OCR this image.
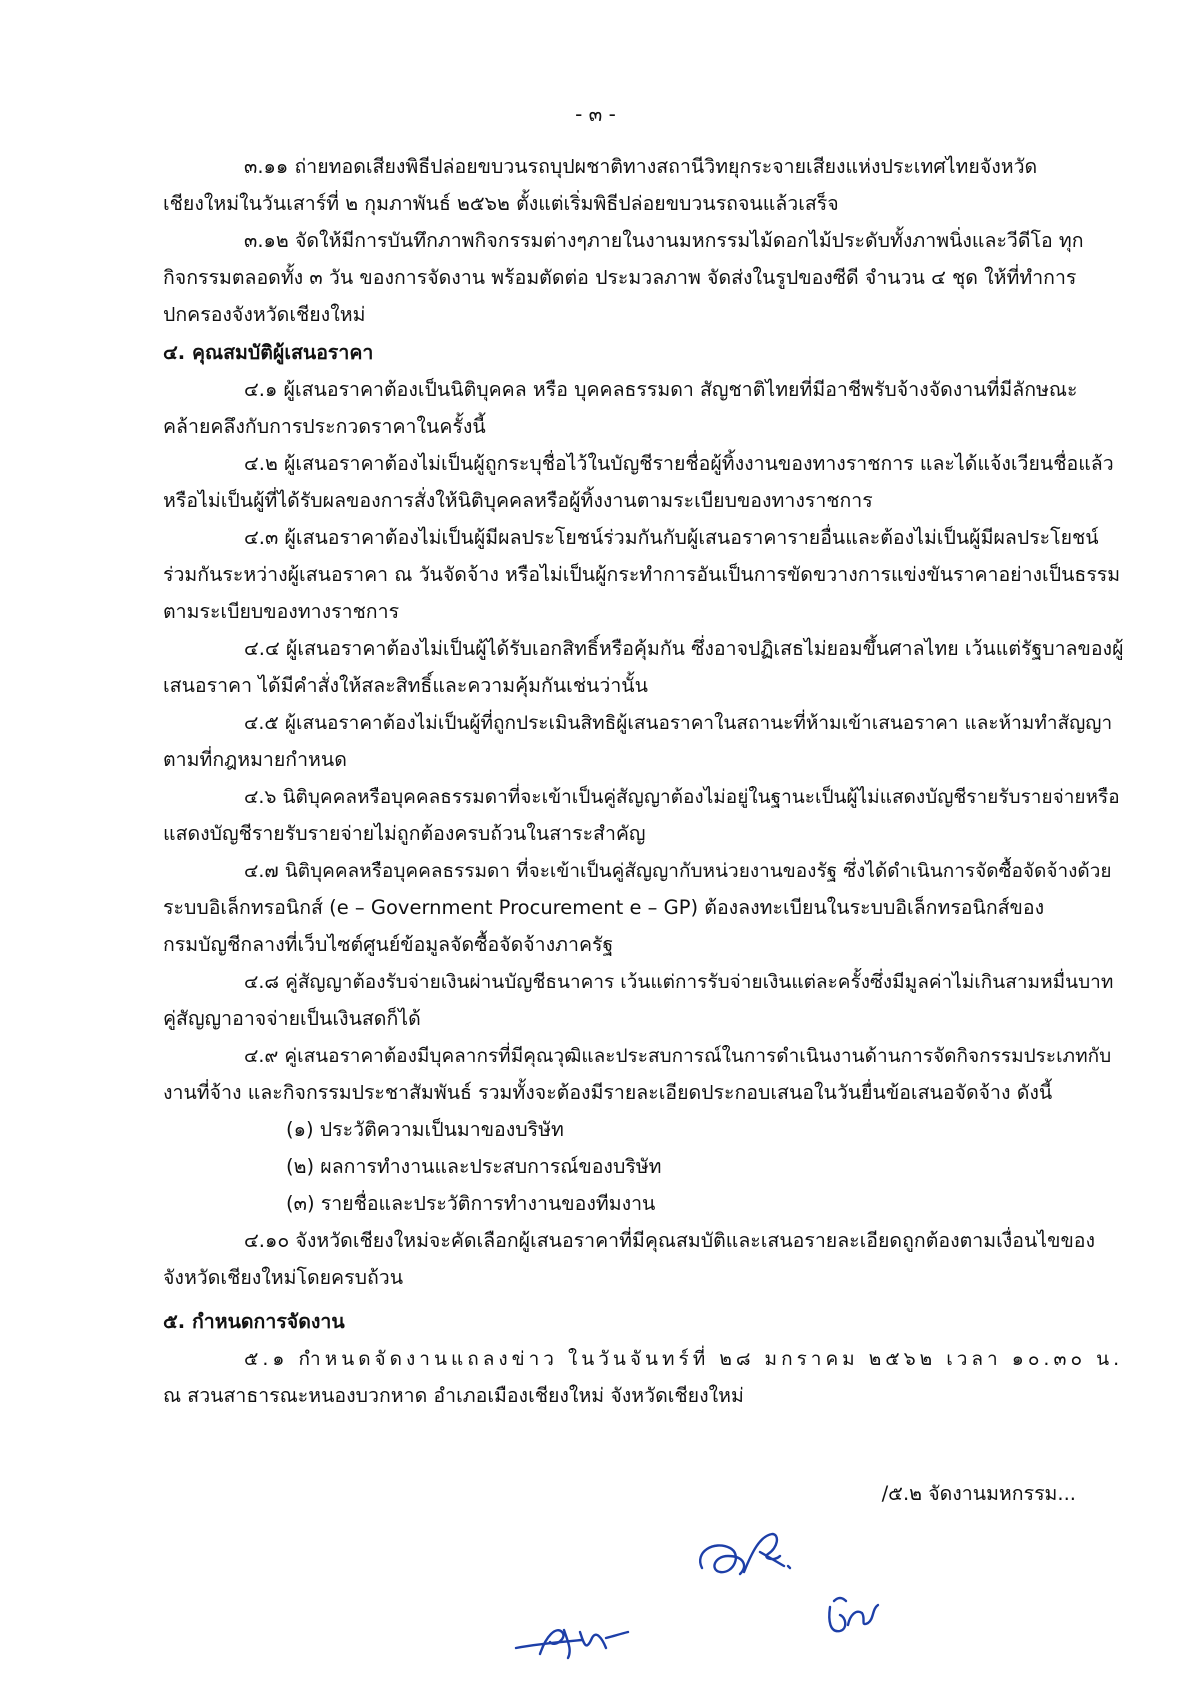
- ๓ -
๓.๑๑ ถ่ายทอดเสียงพิธีปล่อยขบวนรถบุปผชาติทางสถานีวิทยุกระจายเสียงแห่งประเทศไทยจังหวัด
เชียงใหม่ในวันเสาร์ที่ ๒ กุมภาพันธ์ ๒๕๖๒ ตั้งแต่เริ่มพิธีปล่อยขบวนรถจนแล้วเสร็จ
๓.๑๒ จัดให้มีการบันทึกภาพกิจกรรมต่างๆภายในงานมหกรรมไม้ดอกไม้ประดับทั้งภาพนิ่งและวีดีโอ ทุก
กิจกรรมตลอดทั้ง ๓ วัน ของการจัดงาน พร้อมตัดต่อ ประมวลภาพ จัดส่งในรูปของซีดี จำนวน ๔ ชุด ให้ที่ทำการ
ปกครองจังหวัดเชียงใหม่
๔. คุณสมบัติผู้เสนอราคา
๔.๑ ผู้เสนอราคาต้องเป็นนิติบุคคล หรือ บุคคลธรรมดา สัญชาติไทยที่มีอาชีพรับจ้างจัดงานที่มีลักษณะ
คล้ายคลึงกับการประกวดราคาในครั้งนี้
๔.๒ ผู้เสนอราคาต้องไม่เป็นผู้ถูกระบุชื่อไว้ในบัญชีรายชื่อผู้ทิ้งงานของทางราชการ และได้แจ้งเวียนชื่อแล้ว
หรือไม่เป็นผู้ที่ได้รับผลของการสั่งให้นิติบุคคลหรือผู้ทิ้งงานตามระเบียบของทางราชการ
๔.๓ ผู้เสนอราคาต้องไม่เป็นผู้มีผลประโยชน์ร่วมกันกับผู้เสนอราคารายอื่นและต้องไม่เป็นผู้มีผลประโยชน์
ร่วมกันระหว่างผู้เสนอราคา ณ วันจัดจ้าง หรือไม่เป็นผู้กระทำการอันเป็นการขัดขวางการแข่งขันราคาอย่างเป็นธรรม
ตามระเบียบของทางราชการ
๔.๔ ผู้เสนอราคาต้องไม่เป็นผู้ได้รับเอกสิทธิ์หรือคุ้มกัน ซึ่งอาจปฏิเสธไม่ยอมขึ้นศาลไทย เว้นแต่รัฐบาลของผู้
เสนอราคา ได้มีคำสั่งให้สละสิทธิ์และความคุ้มกันเช่นว่านั้น
๔.๕ ผู้เสนอราคาต้องไม่เป็นผู้ที่ถูกประเมินสิทธิผู้เสนอราคาในสถานะที่ห้ามเข้าเสนอราคา และห้ามทำสัญญา
ตามที่กฎหมายกำหนด
๔.๖ นิติบุคคลหรือบุคคลธรรมดาที่จะเข้าเป็นคู่สัญญาต้องไม่อยู่ในฐานะเป็นผู้ไม่แสดงบัญชีรายรับรายจ่ายหรือ
แสดงบัญชีรายรับรายจ่ายไม่ถูกต้องครบถ้วนในสาระสำคัญ
๔.๗ นิติบุคคลหรือบุคคลธรรมดา ที่จะเข้าเป็นคู่สัญญากับหน่วยงานของรัฐ ซึ่งได้ดำเนินการจัดซื้อจัดจ้างด้วย
ระบบอิเล็กทรอนิกส์ (e – Government Procurement e – GP) ต้องลงทะเบียนในระบบอิเล็กทรอนิกส์ของ
กรมบัญชีกลางที่เว็บไซต์ศูนย์ข้อมูลจัดซื้อจัดจ้างภาครัฐ
๔.๘ คู่สัญญาต้องรับจ่ายเงินผ่านบัญชีธนาคาร เว้นแต่การรับจ่ายเงินแต่ละครั้งซึ่งมีมูลค่าไม่เกินสามหมื่นบาท
คู่สัญญาอาจจ่ายเป็นเงินสดก็ได้
๔.๙ คู่เสนอราคาต้องมีบุคลากรที่มีคุณวุฒิและประสบการณ์ในการดำเนินงานด้านการจัดกิจกรรมประเภทกับ
งานที่จ้าง และกิจกรรมประชาสัมพันธ์ รวมทั้งจะต้องมีรายละเอียดประกอบเสนอในวันยื่นข้อเสนอจัดจ้าง ดังนี้
(๑) ประวัติความเป็นมาของบริษัท
(๒) ผลการทำงานและประสบการณ์ของบริษัท
(๓) รายชื่อและประวัติการทำงานของทีมงาน
๔.๑๐ จังหวัดเชียงใหม่จะคัดเลือกผู้เสนอราคาที่มีคุณสมบัติและเสนอรายละเอียดถูกต้องตามเงื่อนไขของ
จังหวัดเชียงใหม่โดยครบถ้วน
๕. กำหนดการจัดงาน
๕.๑ กำหนดจัดงานแถลงข่าว ในวันจันทร์ที่ ๒๘ มกราคม ๒๕๖๒ เวลา ๑๐.๓๐ น.
ณ สวนสาธารณะหนองบวกหาด อำเภอเมืองเชียงใหม่ จังหวัดเชียงใหม่
/๕.๒ จัดงานมหกรรม...
